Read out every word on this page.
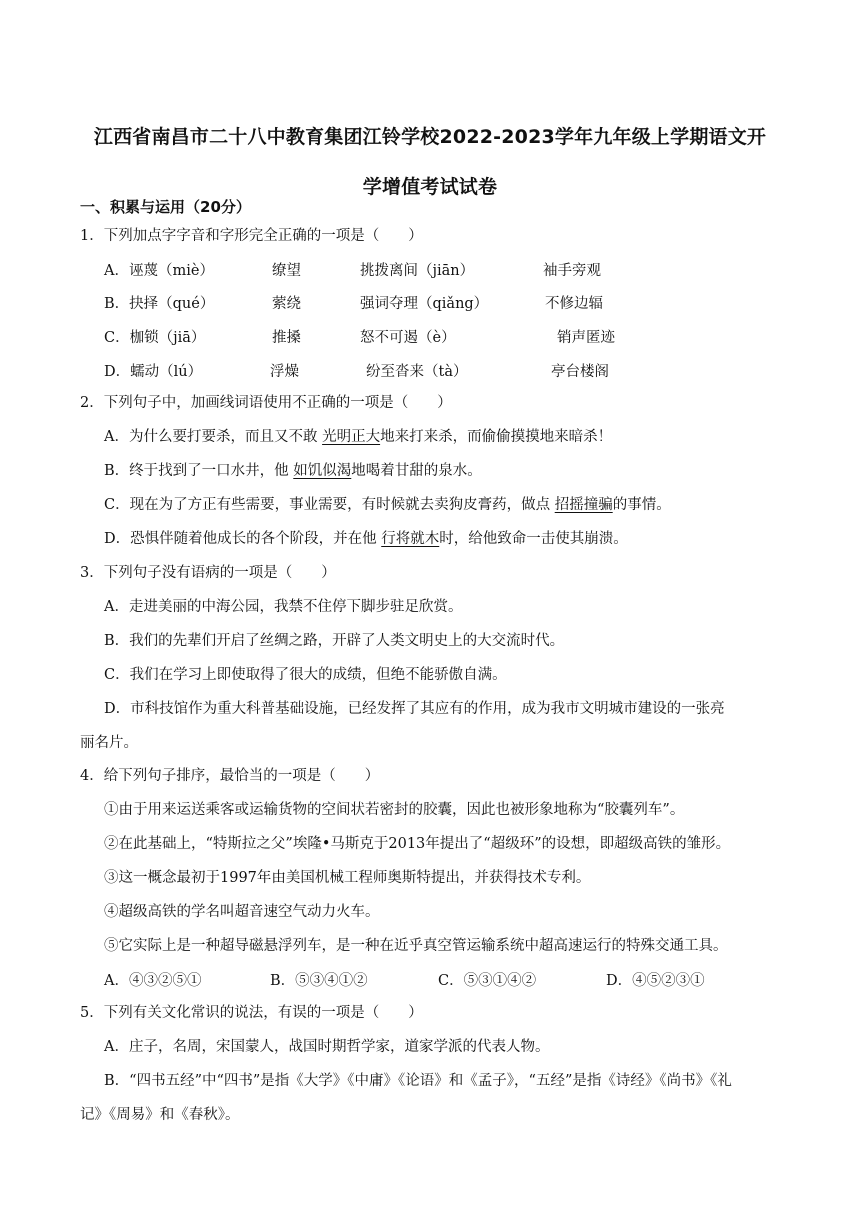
江西省南昌市二十八中教育集团江铃学校2022-2023学年九年级上学期语文开
学增值考试试卷
一、积累与运用（20分）
1．下列加点字字音和字形完全正确的一项是（　　）
A．诬蔑（miè）	缭望	挑拨离间（jiān）	袖手旁观
B．抉择（qué）	萦绕	强词夺理（qiǎng）	不修边辐
C．枷锁（jiā）	推搡	怒不可遏（è）	销声匿迹
D．蠕动（lú）	浮燥	纷至沓来（tà）	亭台楼阁
2．下列句子中，加画线词语使用不正确的一项是（　　）
A．为什么要打要杀，而且又不敢 光明正大地来打来杀，而偷偷摸摸地来暗杀！
B．终于找到了一口水井，他 如饥似渴地喝着甘甜的泉水。
C．现在为了方正有些需要，事业需要，有时候就去卖狗皮膏药，做点 招摇撞骗的事情。
D．恐惧伴随着他成长的各个阶段，并在他 行将就木时，给他致命一击使其崩溃。
3．下列句子没有语病的一项是（　　）
A．走进美丽的中海公园，我禁不住停下脚步驻足欣赏。
B．我们的先辈们开启了丝绸之路，开辟了人类文明史上的大交流时代。
C．我们在学习上即使取得了很大的成绩，但绝不能骄傲自满。
D．市科技馆作为重大科普基础设施，已经发挥了其应有的作用，成为我市文明城市建设的一张亮
丽名片。
4．给下列句子排序，最恰当的一项是（　　）
①由于用来运送乘客或运输货物的空间状若密封的胶囊，因此也被形象地称为“胶囊列车”。
②在此基础上，“特斯拉之父”埃隆•马斯克于2013年提出了“超级环”的设想，即超级高铁的雏形。
③这一概念最初于1997年由美国机械工程师奥斯特提出，并获得技术专利。
④超级高铁的学名叫超音速空气动力火车。
⑤它实际上是一种超导磁悬浮列车，是一种在近乎真空管运输系统中超高速运行的特殊交通工具。
A．④③②⑤①	B．⑤③④①②	C．⑤③①④②	D．④⑤②③①
5．下列有关文化常识的说法，有误的一项是（　　）
A．庄子，名周，宋国蒙人，战国时期哲学家，道家学派的代表人物。
B．“四书五经”中“四书”是指《大学》《中庸》《论语》和《孟子》，“五经”是指《诗经》《尚书》《礼
记》《周易》和《春秋》。
